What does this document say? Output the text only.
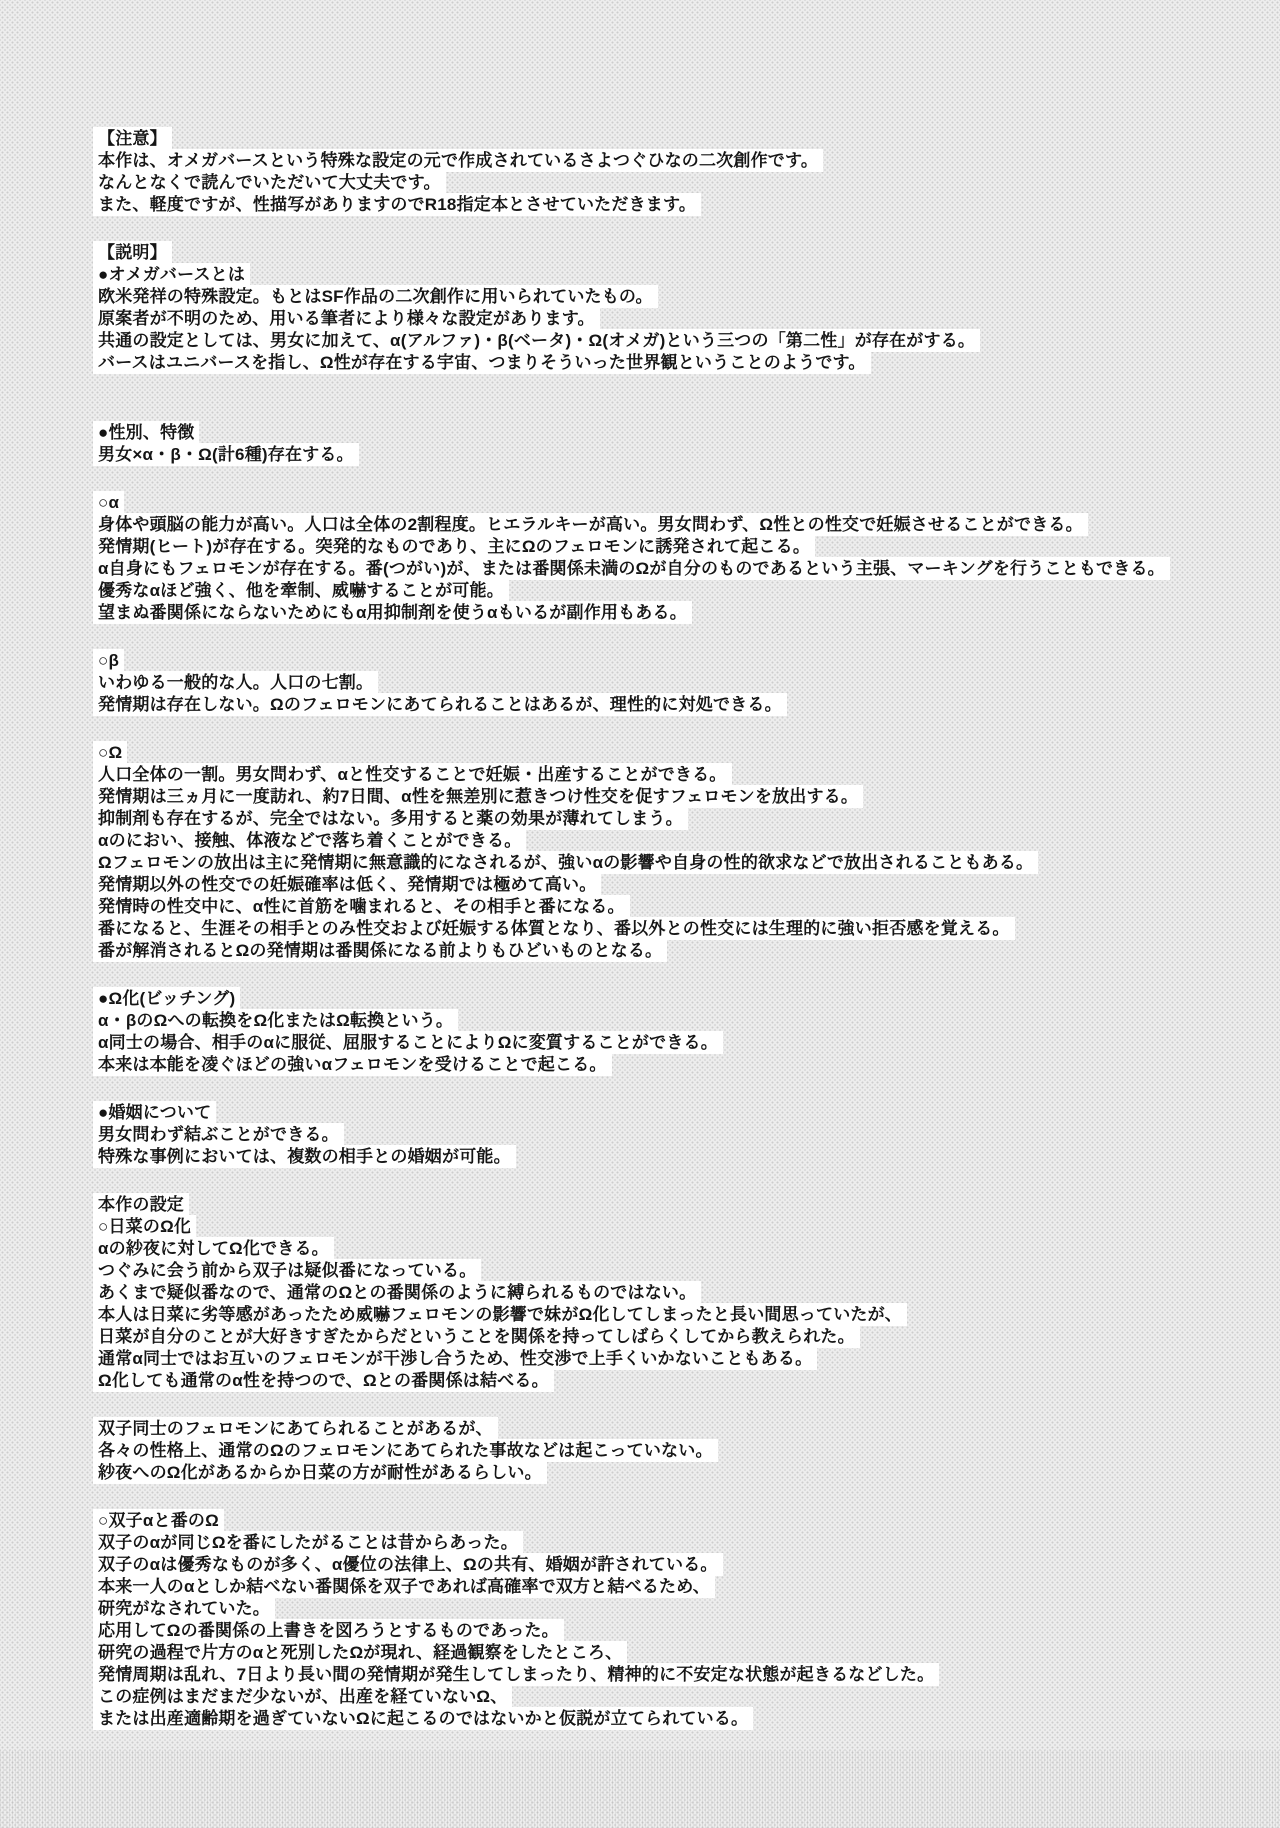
【注意】
本作は、オメガバースという特殊な設定の元で作成されているさよつぐひなの二次創作です。
なんとなくで読んでいただいて大丈夫です。
また、軽度ですが、性描写がありますのでR18指定本とさせていただきます。
【説明】
●オメガバースとは
欧米発祥の特殊設定。もとはSF作品の二次創作に用いられていたもの。
原案者が不明のため、用いる筆者により様々な設定があります。
共通の設定としては、男女に加えて、α(アルファ)・β(ベータ)・Ω(オメガ)という三つの「第二性」が存在がする。
バースはユニバースを指し、Ω性が存在する宇宙、つまりそういった世界観ということのようです。
●性別、特徴
男女×α・β・Ω(計6種)存在する。
○α
身体や頭脳の能力が高い。人口は全体の2割程度。ヒエラルキーが高い。男女問わず、Ω性との性交で妊娠させることができる。
発情期(ヒート)が存在する。突発的なものであり、主にΩのフェロモンに誘発されて起こる。
α自身にもフェロモンが存在する。番(つがい)が、または番関係未満のΩが自分のものであるという主張、マーキングを行うこともできる。
優秀なαほど強く、他を牽制、威嚇することが可能。
望まぬ番関係にならないためにもα用抑制剤を使うαもいるが副作用もある。
○β
いわゆる一般的な人。人口の七割。
発情期は存在しない。Ωのフェロモンにあてられることはあるが、理性的に対処できる。
○Ω
人口全体の一割。男女問わず、αと性交することで妊娠・出産することができる。
発情期は三ヵ月に一度訪れ、約7日間、α性を無差別に惹きつけ性交を促すフェロモンを放出する。
抑制剤も存在するが、完全ではない。多用すると薬の効果が薄れてしまう。
αのにおい、接触、体液などで落ち着くことができる。
Ωフェロモンの放出は主に発情期に無意識的になされるが、強いαの影響や自身の性的欲求などで放出されることもある。
発情期以外の性交での妊娠確率は低く、発情期では極めて高い。
発情時の性交中に、α性に首筋を噛まれると、その相手と番になる。
番になると、生涯その相手とのみ性交および妊娠する体質となり、番以外との性交には生理的に強い拒否感を覚える。
番が解消されるとΩの発情期は番関係になる前よりもひどいものとなる。
●Ω化(ビッチング)
α・βのΩへの転換をΩ化またはΩ転換という。
α同士の場合、相手のαに服従、屈服することによりΩに変質することができる。
本来は本能を凌ぐほどの強いαフェロモンを受けることで起こる。
●婚姻について
男女問わず結ぶことができる。
特殊な事例においては、複数の相手との婚姻が可能。
本作の設定
○日菜のΩ化
αの紗夜に対してΩ化できる。
つぐみに会う前から双子は疑似番になっている。
あくまで疑似番なので、通常のΩとの番関係のように縛られるものではない。
本人は日菜に劣等感があったため威嚇フェロモンの影響で妹がΩ化してしまったと長い間思っていたが、
日菜が自分のことが大好きすぎたからだということを関係を持ってしばらくしてから教えられた。
通常α同士ではお互いのフェロモンが干渉し合うため、性交渉で上手くいかないこともある。
Ω化しても通常のα性を持つので、Ωとの番関係は結べる。
双子同士のフェロモンにあてられることがあるが、
各々の性格上、通常のΩのフェロモンにあてられた事故などは起こっていない。
紗夜へのΩ化があるからか日菜の方が耐性があるらしい。
○双子αと番のΩ
双子のαが同じΩを番にしたがることは昔からあった。
双子のαは優秀なものが多く、α優位の法律上、Ωの共有、婚姻が許されている。
本来一人のαとしか結べない番関係を双子であれば高確率で双方と結べるため、
研究がなされていた。
応用してΩの番関係の上書きを図ろうとするものであった。
研究の過程で片方のαと死別したΩが現れ、経過観察をしたところ、
発情周期は乱れ、7日より長い間の発情期が発生してしまったり、精神的に不安定な状態が起きるなどした。
この症例はまだまだ少ないが、出産を経ていないΩ、
または出産適齢期を過ぎていないΩに起こるのではないかと仮説が立てられている。
